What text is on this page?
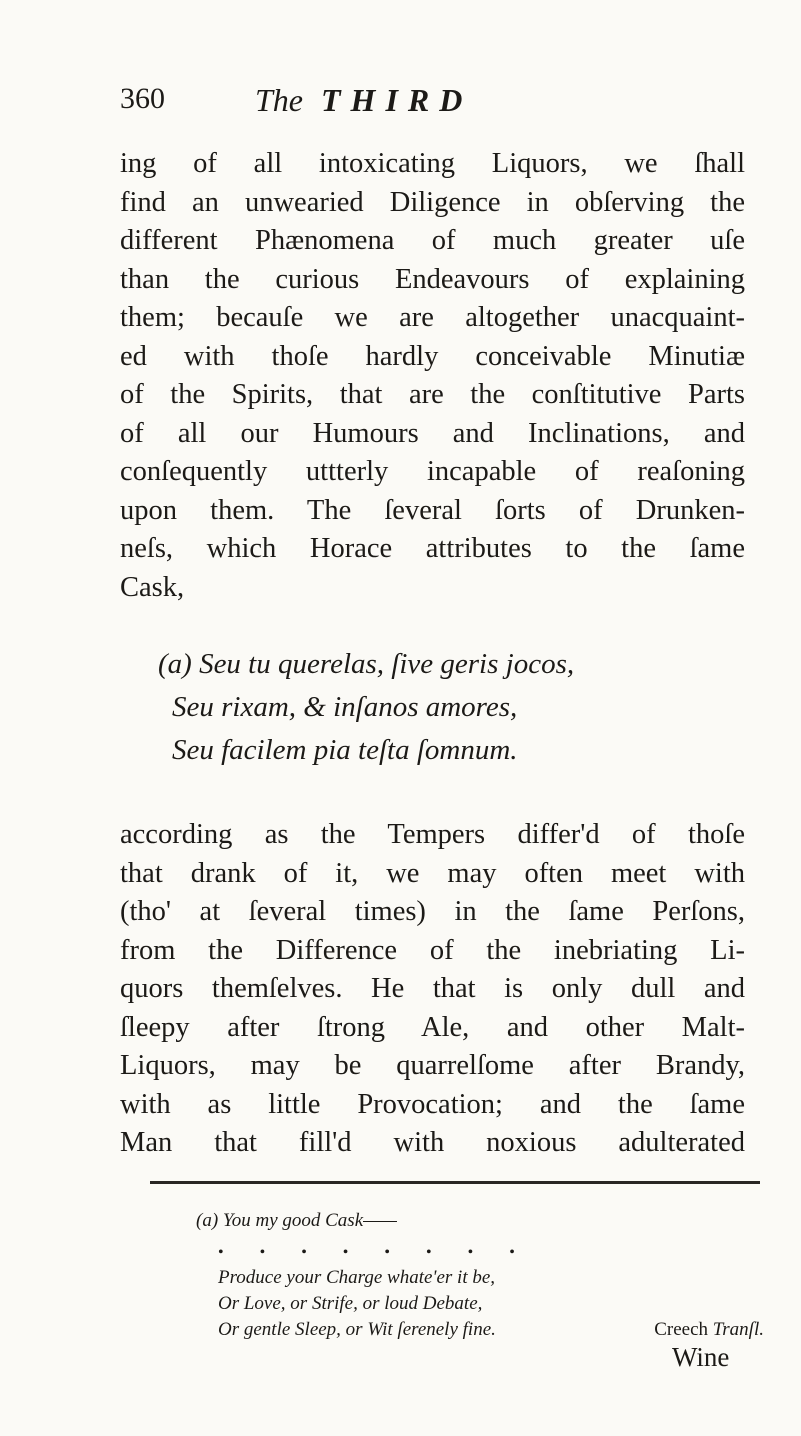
360	The THIRD
ing of all intoxicating Liquors, we ſhall
find an unwearied Diligence in obſerving the
different Phænomena of much greater uſe
than the curious Endeavours of explaining
them; becauſe we are altogether unacquaint-
ed with thoſe hardly conceivable Minutiæ
of the Spirits, that are the conſtitutive Parts
of all our Humours and Inclinations, and
conſequently uttterly incapable of reaſoning
upon them. The ſeveral ſorts of Drunken-
neſs, which Horace attributes to the ſame
Cask,
(a) Seu tu querelas, ſive geris jocos,
Seu rixam, & inſanos amores,
Seu facilem pia teſta ſomnum.
according as the Tempers differ'd of thoſe
that drank of it, we may often meet with
(tho' at ſeveral times) in the ſame Perſons,
from the Difference of the inebriating Li-
quors themſelves. He that is only dull and
ſleepy after ſtrong Ale, and other Malt-
Liquors, may be quarrelſome after Brandy,
with as little Provocation; and the ſame
Man that fill'd with noxious adulterated
(a) You my good Cask——
• • • • • • • •
Produce your Charge whate'er it be,
Or Love, or Strife, or loud Debate,
Or gentle Sleep, or Wit ſerenely fine.	Creech Tranſl.
Wine
